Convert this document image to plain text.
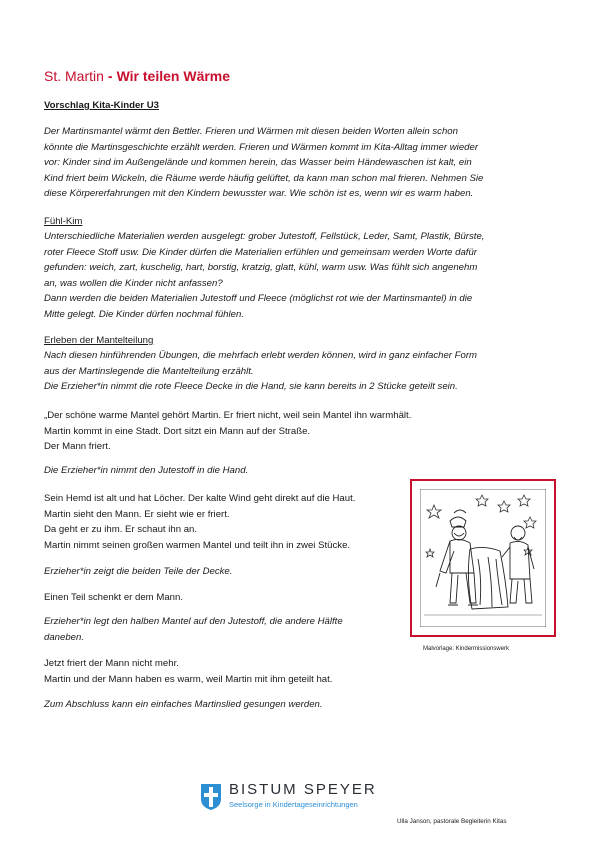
St. Martin - Wir teilen Wärme

Vorschlag Kita-Kinder U3

Der Martinsmantel wärmt den Bettler. Frieren und Wärmen mit diesen beiden Worten allein schon
könnte die Martinsgeschichte erzählt werden. Frieren und Wärmen kommt im Kita-Alltag immer wieder
vor: Kinder sind im Außengelände und kommen herein, das Wasser beim Händewaschen ist kalt, ein
Kind friert beim Wickeln, die Räume werde häufig gelüftet, da kann man schon mal frieren. Nehmen Sie
diese Körpererfahrungen mit den Kindern bewusster war. Wie schön ist es, wenn wir es warm haben.

Fühl-Kim

Unterschiedliche Materialien werden ausgelegt: grober Jutestoff, Fellstück, Leder, Samt, Plastik, Bürste,
roter Fleece Stoff usw. Die Kinder dürfen die Materialien erfühlen und gemeinsam werden Worte dafür
gefunden: weich, zart, kuschelig, hart, borstig, kratzig, glatt, kühl, warm usw. Was fühlt sich angenehm
an, was wollen die Kinder nicht anfassen?
Dann werden die beiden Materialien Jutestoff und Fleece (möglichst rot wie der Martinsmantel) in die
Mitte gelegt. Die Kinder dürfen nochmal fühlen.

Erleben der Mantelteilung

Nach diesen hinführenden Übungen, die mehrfach erlebt werden können, wird in ganz einfacher Form
aus der Martinslegende die Mantelteilung erzählt.
Die Erzieher*in nimmt die rote Fleece Decke in die Hand, sie kann bereits in 2 Stücke geteilt sein.

„Der schöne warme Mantel gehört Martin. Er friert nicht, weil sein Mantel ihn warmhält.
Martin kommt in eine Stadt. Dort sitzt ein Mann auf der Straße.
Der Mann friert.

Die Erzieher*in nimmt den Jutestoff in die Hand.

Sein Hemd ist alt und hat Löcher. Der kalte Wind geht direkt auf die Haut.
Martin sieht den Mann. Er sieht wie er friert.
Da geht er zu ihm. Er schaut ihn an.
Martin nimmt seinen großen warmen Mantel und teilt ihn in zwei Stücke.

Erzieher*in zeigt die beiden Teile der Decke.

Einen Teil schenkt er dem Mann.

Erzieher*in legt den halben Mantel auf den Jutestoff, die andere Hälfte
daneben.

Jetzt friert der Mann nicht mehr.
Martin und der Mann haben es warm, weil Martin mit ihm geteilt hat.

Zum Abschluss kann ein einfaches Martinslied gesungen werden.

Malvorlage: Kindermissionswerk

BISTUM SPEYER
Seelsorge in Kindertageseinrichtungen

Ulla Janson, pastorale Begleiterin Kitas
